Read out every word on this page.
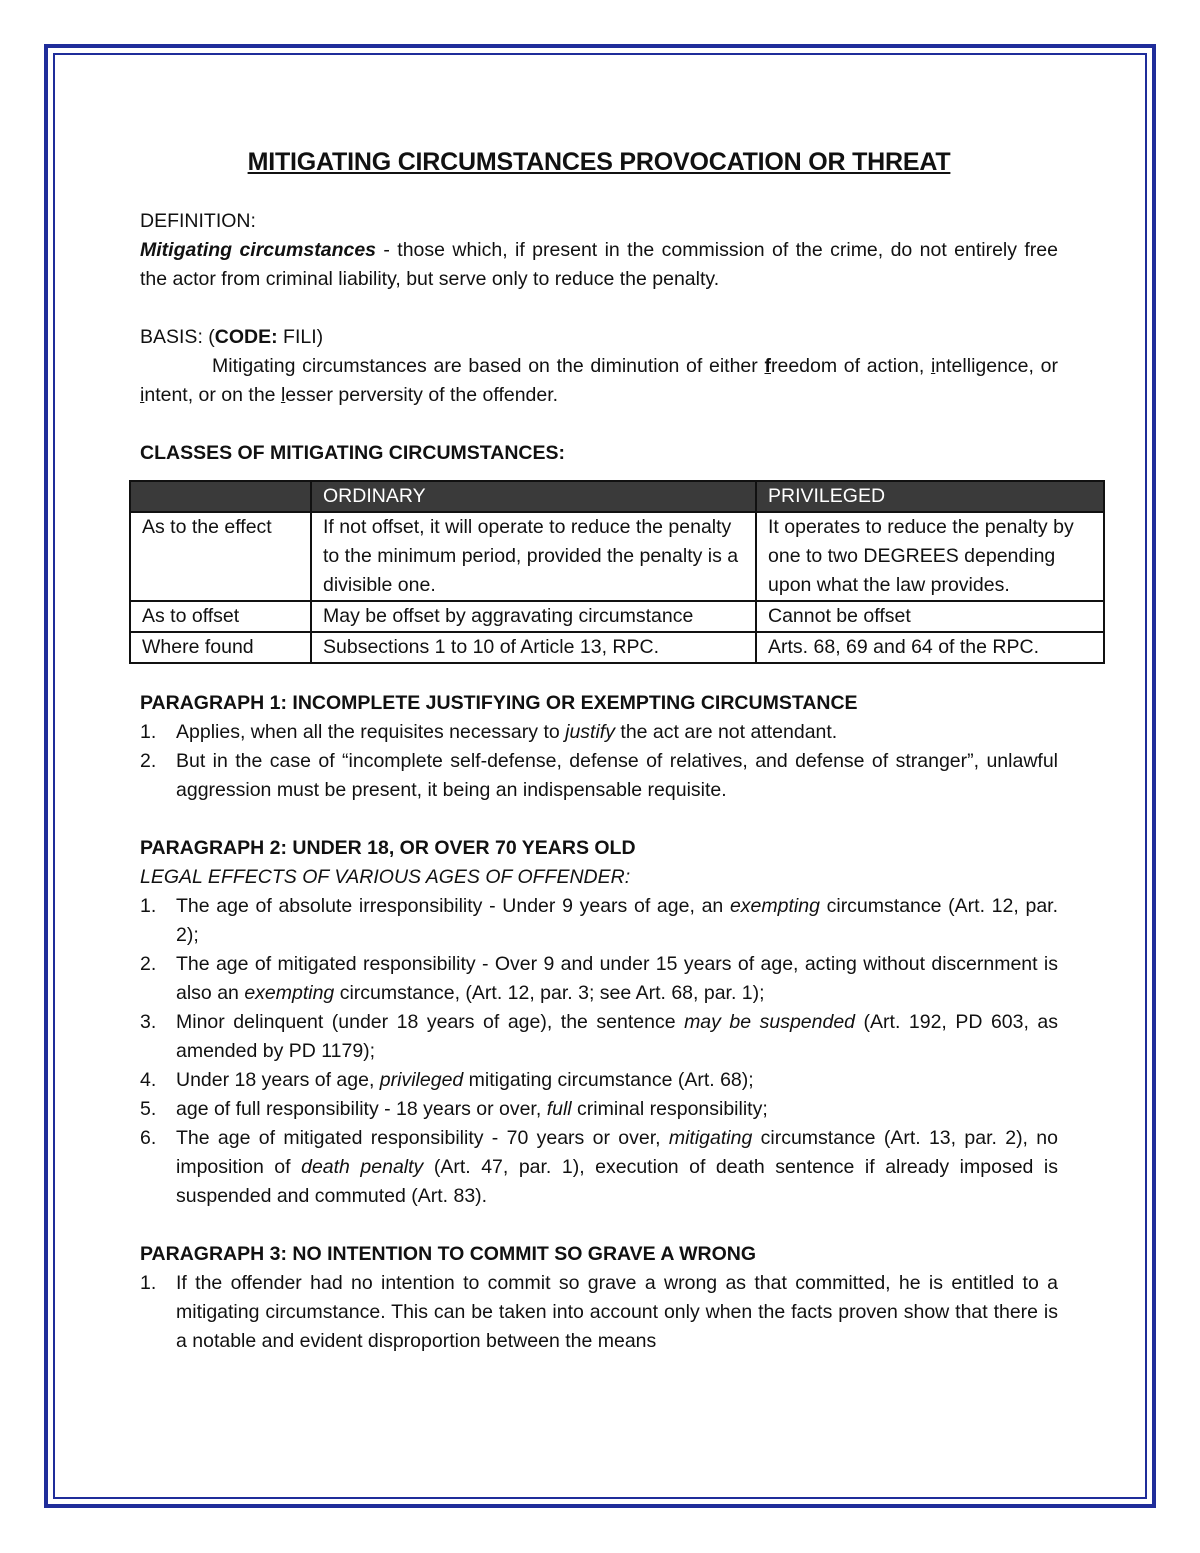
MITIGATING CIRCUMSTANCES PROVOCATION OR THREAT

DEFINITION:

Mitigating circumstances - those which, if present in the commission of the crime, do not entirely free the actor from criminal liability, but serve only to reduce the penalty.

BASIS: (CODE: FILI)

Mitigating circumstances are based on the diminution of either freedom of action, intelligence, or intent, or on the lesser perversity of the offender.

CLASSES OF MITIGATING CIRCUMSTANCES:

	ORDINARY	PRIVILEGED
As to the effect	If not offset, it will operate to reduce the penalty to the minimum period, provided the penalty is a divisible one.	It operates to reduce the penalty by one to two DEGREES depending upon what the law provides.
As to offset	May be offset by aggravating circumstance	Cannot be offset
Where found	Subsections 1 to 10 of Article 13, RPC.	Arts. 68, 69 and 64 of the RPC.

PARAGRAPH 1: INCOMPLETE JUSTIFYING OR EXEMPTING CIRCUMSTANCE

1. Applies, when all the requisites necessary to justify the act are not attendant.
2. But in the case of “incomplete self-defense, defense of relatives, and defense of stranger”, unlawful aggression must be present, it being an indispensable requisite.

PARAGRAPH 2: UNDER 18, OR OVER 70 YEARS OLD

LEGAL EFFECTS OF VARIOUS AGES OF OFFENDER:

1. The age of absolute irresponsibility - Under 9 years of age, an exempting circumstance (Art. 12, par. 2);
2. The age of mitigated responsibility - Over 9 and under 15 years of age, acting without discernment is also an exempting circumstance, (Art. 12, par. 3; see Art. 68, par. 1);
3. Minor delinquent (under 18 years of age), the sentence may be suspended (Art. 192, PD 603, as amended by PD 1179);
4. Under 18 years of age, privileged mitigating circumstance (Art. 68);
5. age of full responsibility - 18 years or over, full criminal responsibility;
6. The age of mitigated responsibility - 70 years or over, mitigating circumstance (Art. 13, par. 2), no imposition of death penalty (Art. 47, par. 1), execution of death sentence if already imposed is suspended and commuted (Art. 83).

PARAGRAPH 3: NO INTENTION TO COMMIT SO GRAVE A WRONG

1. If the offender had no intention to commit so grave a wrong as that committed, he is entitled to a mitigating circumstance. This can be taken into account only when the facts proven show that there is a notable and evident disproportion between the means
